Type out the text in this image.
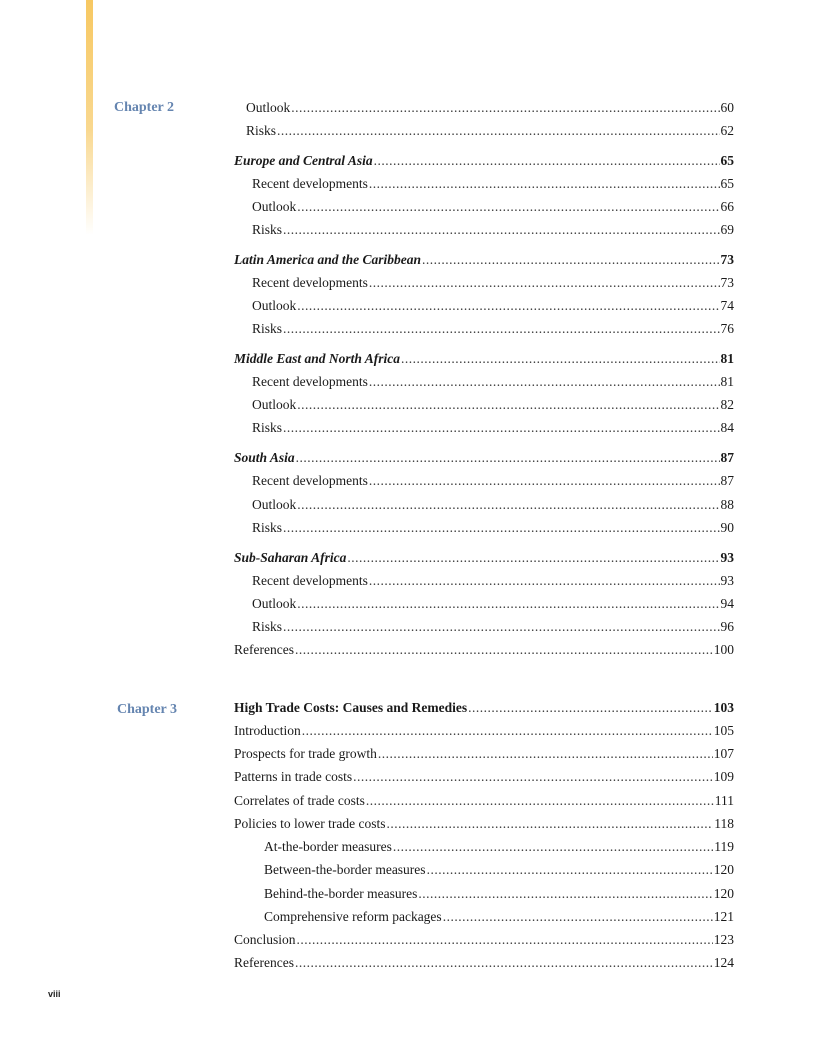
Chapter 2
Chapter 3
Outlook .....	60
Risks .....	62
Europe and Central Asia .....	65
Recent developments .....	65
Outlook .....	66
Risks .....	69
Latin America and the Caribbean .....	73
Recent developments .....	73
Outlook .....	74
Risks .....	76
Middle East and North Africa .....	81
Recent developments .....	81
Outlook .....	82
Risks .....	84
South Asia .....	87
Recent developments .....	87
Outlook .....	88
Risks .....	90
Sub-Saharan Africa .....	93
Recent developments .....	93
Outlook .....	94
Risks .....	96
References .....	100
High Trade Costs: Causes and Remedies .....	103
Introduction .....	105
Prospects for trade growth .....	107
Patterns in trade costs .....	109
Correlates of trade costs .....	111
Policies to lower trade costs .....	118
At-the-border measures .....	119
Between-the-border measures .....	120
Behind-the-border measures .....	120
Comprehensive reform packages .....	121
Conclusion .....	123
References .....	124
viii
